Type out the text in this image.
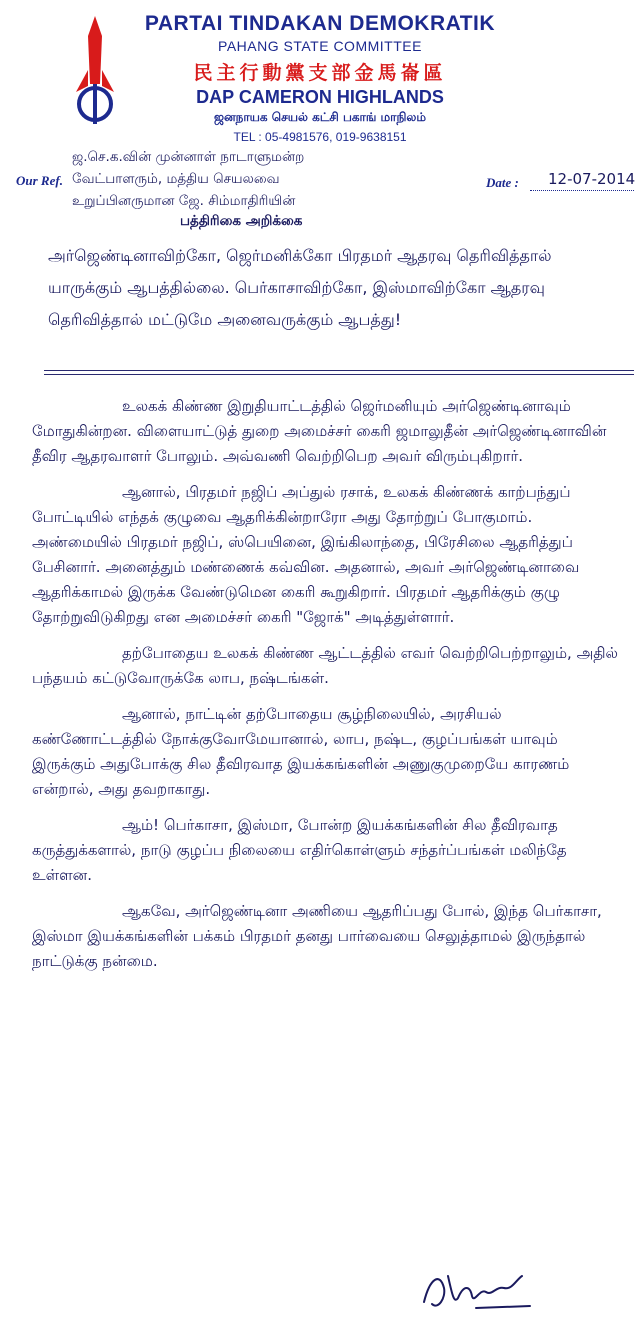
PARTAI TINDAKAN DEMOKRATIK
PAHANG STATE COMMITTEE
民主行動黨支部金馬崙區
DAP CAMERON HIGHLANDS
ஜனநாயக செயல் கட்சி பகாங் மாநிலம்
TEL : 05-4981576, 019-9638151
Our Ref.	Date : 12-07-2014
ஜ.செ.க.வின் முன்னாள் நாடாளுமன்ற
வேட்பாளரும், மத்திய செயலவை
உறுப்பினருமான ஜே. சிம்மாதிரியின்
பத்திரிகை அறிக்கை
அர்ஜெண்டினாவிற்கோ, ஜெர்மனிக்கோ பிரதமர் ஆதரவு தெரிவித்தால் யாருக்கும் ஆபத்தில்லை. பெர்காசாவிற்கோ, இஸ்மாவிற்கோ ஆதரவு தெரிவித்தால் மட்டுமே அனைவருக்கும் ஆபத்து!

உலகக் கிண்ண இறுதியாட்டத்தில் ஜெர்மனியும் அர்ஜெண்டினாவும் மோதுகின்றன. விளையாட்டுத் துறை அமைச்சர் கைரி ஜமாலுதீன் அர்ஜெண்டினாவின் தீவிர ஆதரவாளர் போலும். அவ்வணி வெற்றிபெற அவர் விரும்புகிறார்.

ஆனால், பிரதமர் நஜிப் அப்துல் ரசாக், உலகக் கிண்ணக் காற்பந்துப் போட்டியில் எந்தக் குழுவை ஆதரிக்கின்றாரோ அது தோற்றுப் போகுமாம். அண்மையில் பிரதமர் நஜிப், ஸ்பெயினை, இங்கிலாந்தை, பிரேசிலை ஆதரித்துப் பேசினார். அனைத்தும் மண்ணைக் கவ்வின. அதனால், அவர் அர்ஜெண்டினாவை ஆதரிக்காமல் இருக்க வேண்டுமென கைரி கூறுகிறார். பிரதமர் ஆதரிக்கும் குழு தோற்றுவிடுகிறது என அமைச்சர் கைரி "ஜோக்" அடித்துள்ளார்.

தற்போதைய உலகக் கிண்ண ஆட்டத்தில் எவர் வெற்றிபெற்றாலும், அதில் பந்தயம் கட்டுவோருக்கே லாப, நஷ்டங்கள்.

ஆனால், நாட்டின் தற்போதைய சூழ்நிலையில், அரசியல் கண்ணோட்டத்தில் நோக்குவோமேயானால், லாப, நஷ்ட, குழப்பங்கள் யாவும் இருக்கும் அதுபோக்கு சில தீவிரவாத இயக்கங்களின் அணுகுமுறையே காரணம் என்றால், அது தவறாகாது.

ஆம்! பெர்காசா, இஸ்மா, போன்ற இயக்கங்களின் சில தீவிரவாத கருத்துக்களால், நாடு குழப்ப நிலையை எதிர்கொள்ளும் சந்தர்ப்பங்கள் மலிந்தே உள்ளன.

ஆகவே, அர்ஜெண்டினா அணியை ஆதரிப்பது போல், இந்த பெர்காசா, இஸ்மா இயக்கங்களின் பக்கம் பிரதமர் தனது பார்வையை செலுத்தாமல் இருந்தால் நாட்டுக்கு நன்மை.
